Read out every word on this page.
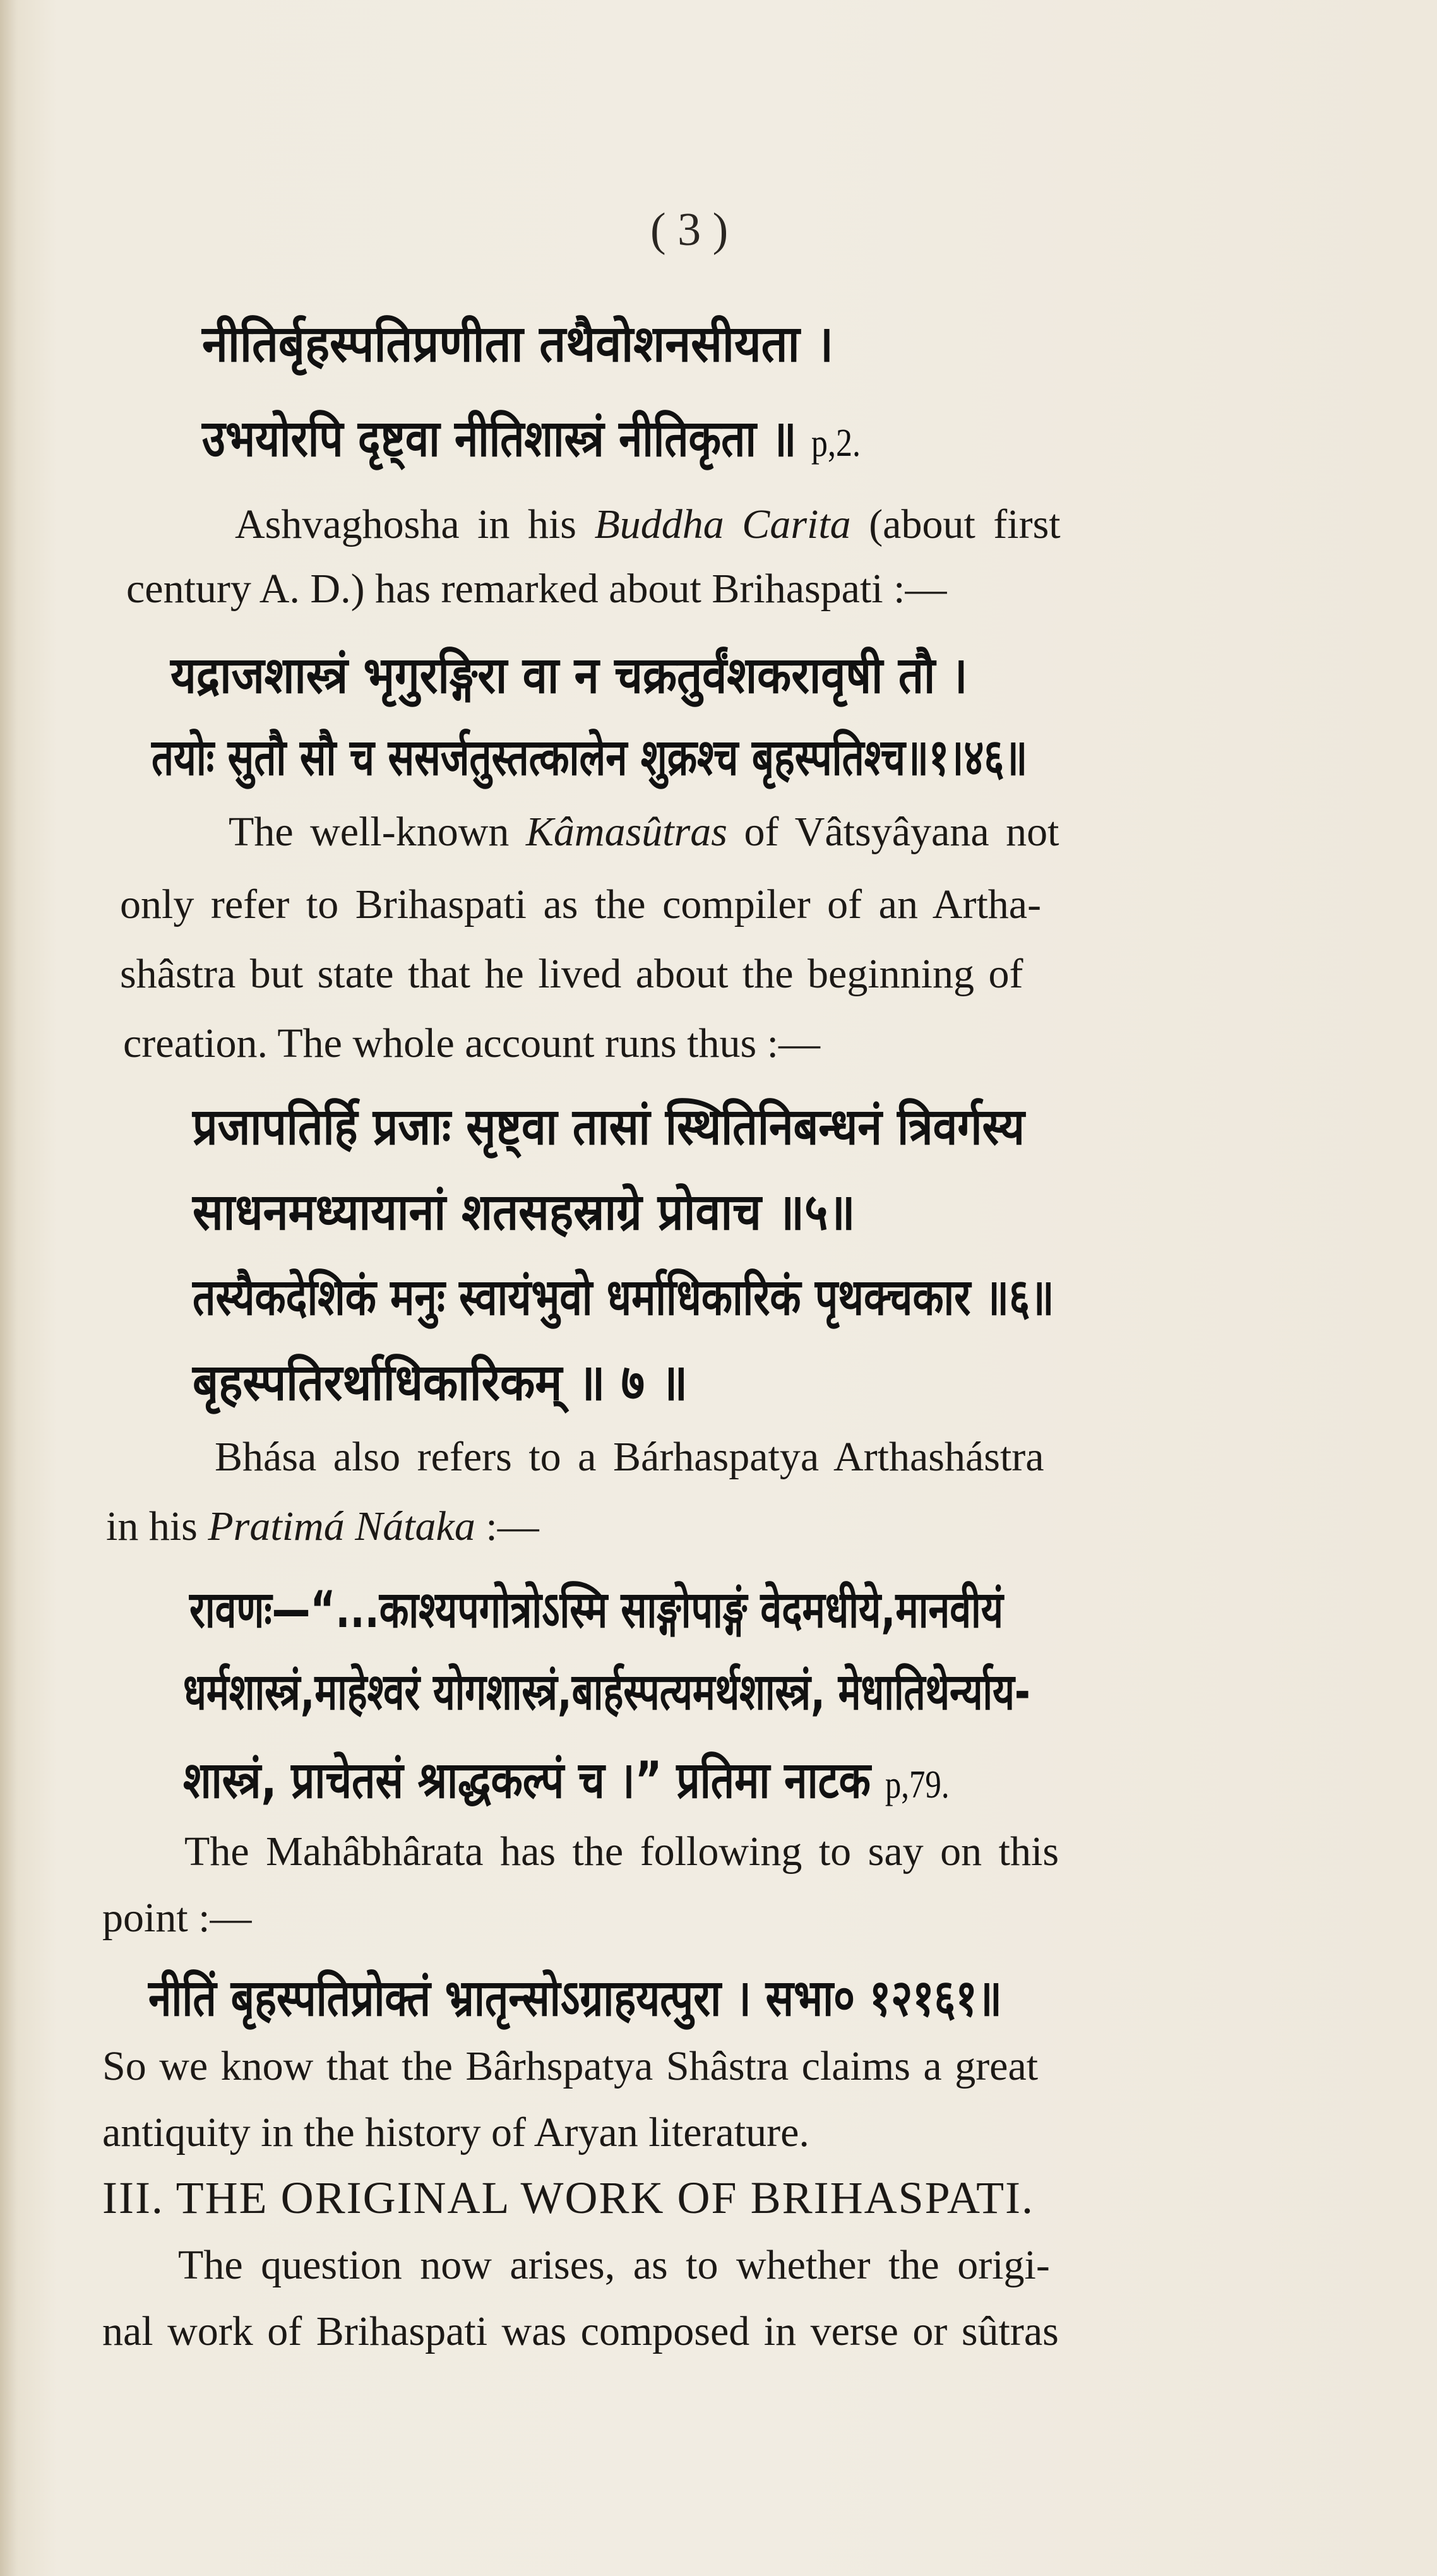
( 3 )
नीतिर्बृहस्पतिप्रणीता तथैवोशनसीयता ।
उभयोरपि दृष्ट्वा नीतिशास्त्रं नीतिकृता ॥ p,2.
Ashvaghosha in his Buddha Carita (about first
century A. D.) has remarked about Brihaspati :—
यद्राजशास्त्रं भृगुरङ्गिरा वा न चक्रतुर्वंशकरावृषी तौ ।
तयोः सुतौ सौ च ससर्जतुस्तत्कालेन शुक्रश्च बृहस्पतिश्च॥१।४६॥
The well-known Kâmasûtras of Vâtsyâyana not
only refer to Brihaspati as the compiler of an Artha-
shâstra but state that he lived about the beginning of
creation. The whole account runs thus :—
प्रजापतिर्हि प्रजाः सृष्ट्वा तासां स्थितिनिबन्धनं त्रिवर्गस्य
साधनमध्यायानां शतसहस्राग्रे प्रोवाच ॥५॥
तस्यैकदेशिकं मनुः स्वायंभुवो धर्माधिकारिकं पृथक्चकार ॥६॥
बृहस्पतिरर्थाधिकारिकम् ॥ ७ ॥
Bhása also refers to a Bárhaspatya Arthashástra
in his Pratimá Nátaka :—
रावणः—“...काश्यपगोत्रोऽस्मि साङ्गोपाङ्गं वेदमधीये,मानवीयं
धर्मशास्त्रं,माहेश्वरं योगशास्त्रं,बार्हस्पत्यमर्थशास्त्रं, मेधातिथेर्न्याय-
शास्त्रं, प्राचेतसं श्राद्धकल्पं च ।” प्रतिमा नाटक p,79.
The Mahâbhârata has the following to say on this
point :—
नीतिं बृहस्पतिप्रोक्तं भ्रातृन्सोऽग्राहयत्पुरा । सभा० १२१६१॥
So we know that the Bârhspatya Shâstra claims a great
antiquity in the history of Aryan literature.
III. THE ORIGINAL WORK OF BRIHASPATI.
The question now arises, as to whether the origi-
nal work of Brihaspati was composed in verse or sûtras
